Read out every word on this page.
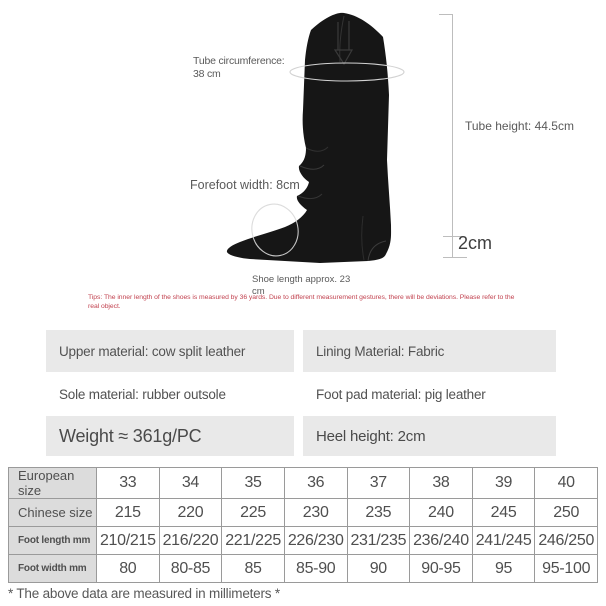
Tube circumference: 38 cm
Tube height: 44.5cm
Forefoot width: 8cm
2cm
Shoe length approx. 23 cm
Tips: The inner length of the shoes is measured by 36 yards. Due to different measurement gestures, there will be deviations. Please refer to the real object.
Upper material: cow split leather	Lining Material: Fabric
Sole material: rubber outsole	Foot pad material: pig leather
Weight ≈ 361g/PC	Heel height: 2cm
European size	33	34	35	36	37	38	39	40
Chinese size	215	220	225	230	235	240	245	250
Foot length mm	210/215	216/220	221/225	226/230	231/235	236/240	241/245	246/250
Foot width mm	80	80-85	85	85-90	90	90-95	95	95-100
* The above data are measured in millimeters *
